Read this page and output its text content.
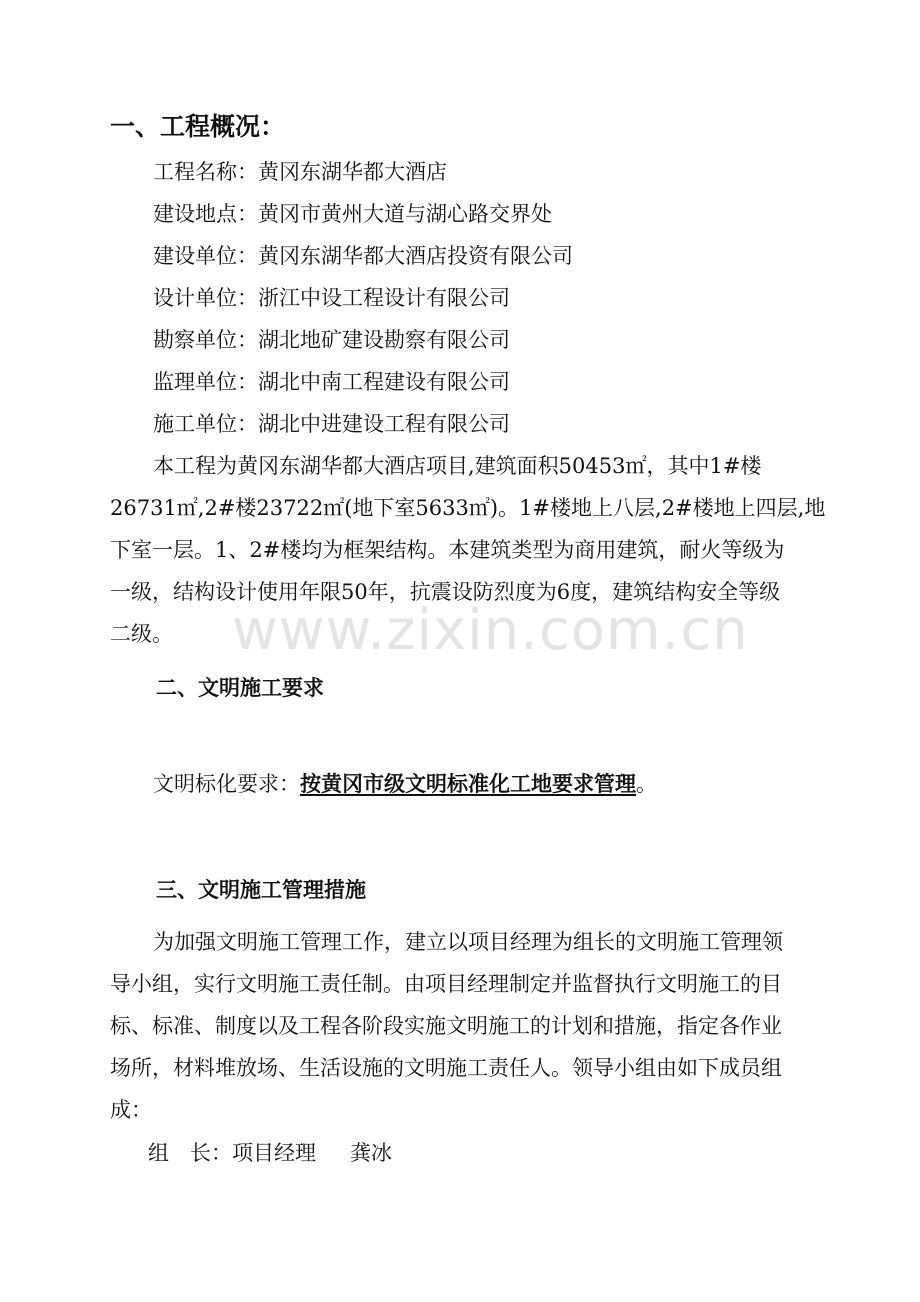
一、工程概况：
工程名称：黄冈东湖华都大酒店
建设地点：黄冈市黄州大道与湖心路交界处
建设单位：黄冈东湖华都大酒店投资有限公司
设计单位：浙江中设工程设计有限公司
勘察单位：湖北地矿建设勘察有限公司
监理单位：湖北中南工程建设有限公司
施工单位：湖北中进建设工程有限公司
本工程为黄冈东湖华都大酒店项目,建筑面积50453㎡，其中1#楼
26731㎡,2#楼23722㎡(地下室5633㎡)。1#楼地上八层,2#楼地上四层,地
下室一层。1、2#楼均为框架结构。本建筑类型为商用建筑，耐火等级为
一级，结构设计使用年限50年，抗震设防烈度为6度，建筑结构安全等级
二级。 www.zixin.com.cn
二、文明施工要求
文明标化要求：按黄冈市级文明标准化工地要求管理。
三、文明施工管理措施
为加强文明施工管理工作，建立以项目经理为组长的文明施工管理领
导小组，实行文明施工责任制。由项目经理制定并监督执行文明施工的目
标、标准、制度以及工程各阶段实施文明施工的计划和措施，指定各作业
场所，材料堆放场、生活设施的文明施工责任人。领导小组由如下成员组
成：
组　长：项目经理 龚冰
